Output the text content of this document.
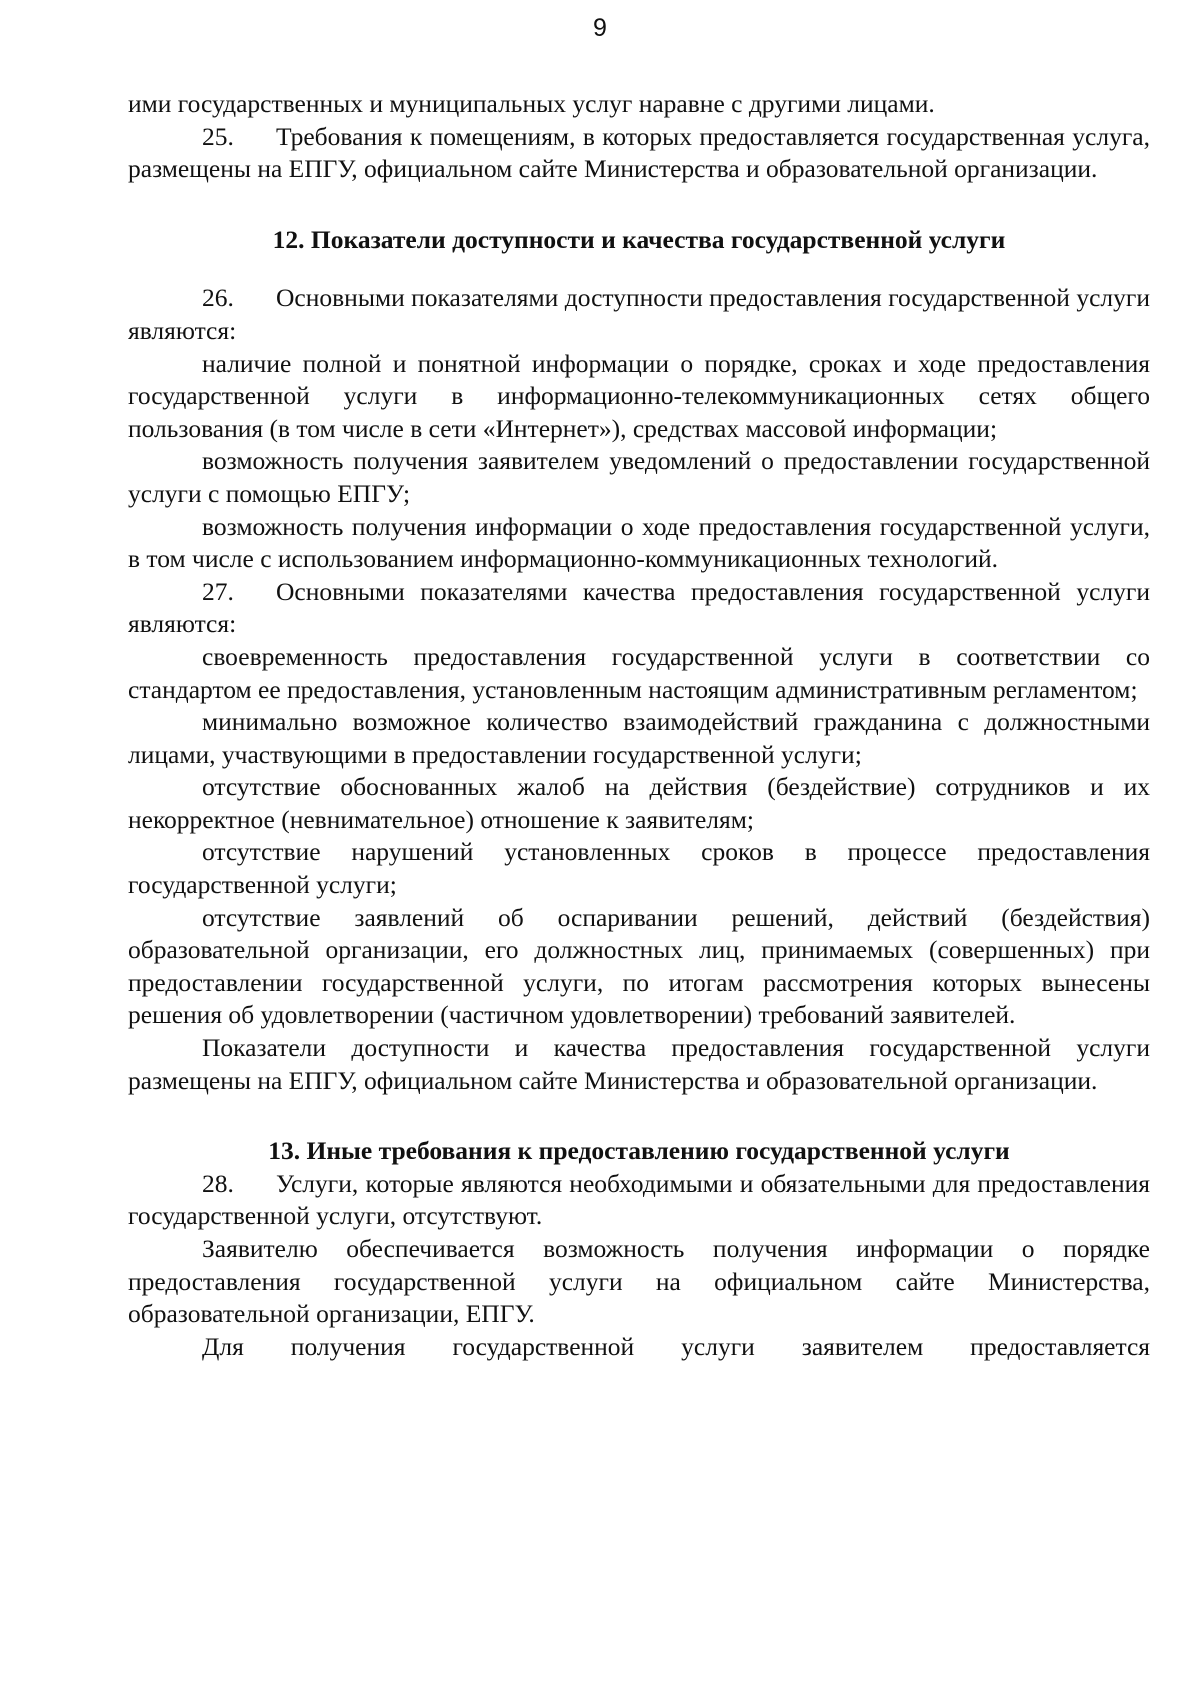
9

ими государственных и муниципальных услуг наравне с другими лицами.

25. Требования к помещениям, в которых предоставляется государственная услуга, размещены на ЕПГУ, официальном сайте Министерства и образовательной организации.

12. Показатели доступности и качества государственной услуги

26. Основными показателями доступности предоставления государственной услуги являются:

наличие полной и понятной информации о порядке, сроках и ходе предоставления государственной услуги в информационно-телекоммуникационных сетях общего пользования (в том числе в сети «Интернет»), средствах массовой информации;

возможность получения заявителем уведомлений о предоставлении государственной услуги с помощью ЕПГУ;

возможность получения информации о ходе предоставления государственной услуги, в том числе с использованием информационно-коммуникационных технологий.

27. Основными показателями качества предоставления государственной услуги являются:

своевременность предоставления государственной услуги в соответствии со стандартом ее предоставления, установленным настоящим административным регламентом;

минимально возможное количество взаимодействий гражданина с должностными лицами, участвующими в предоставлении государственной услуги;

отсутствие обоснованных жалоб на действия (бездействие) сотрудников и их некорректное (невнимательное) отношение к заявителям;

отсутствие нарушений установленных сроков в процессе предоставления государственной услуги;

отсутствие заявлений об оспаривании решений, действий (бездействия) образовательной организации, его должностных лиц, принимаемых (совершенных) при предоставлении государственной услуги, по итогам рассмотрения которых вынесены решения об удовлетворении (частичном удовлетворении) требований заявителей.

Показатели доступности и качества предоставления государственной услуги размещены на ЕПГУ, официальном сайте Министерства и образовательной организации.

13. Иные требования к предоставлению государственной услуги

28. Услуги, которые являются необходимыми и обязательными для предоставления государственной услуги, отсутствуют.

Заявителю обеспечивается возможность получения информации о порядке предоставления государственной услуги на официальном сайте Министерства, образовательной организации, ЕПГУ.

Для получения государственной услуги заявителем предоставляется
